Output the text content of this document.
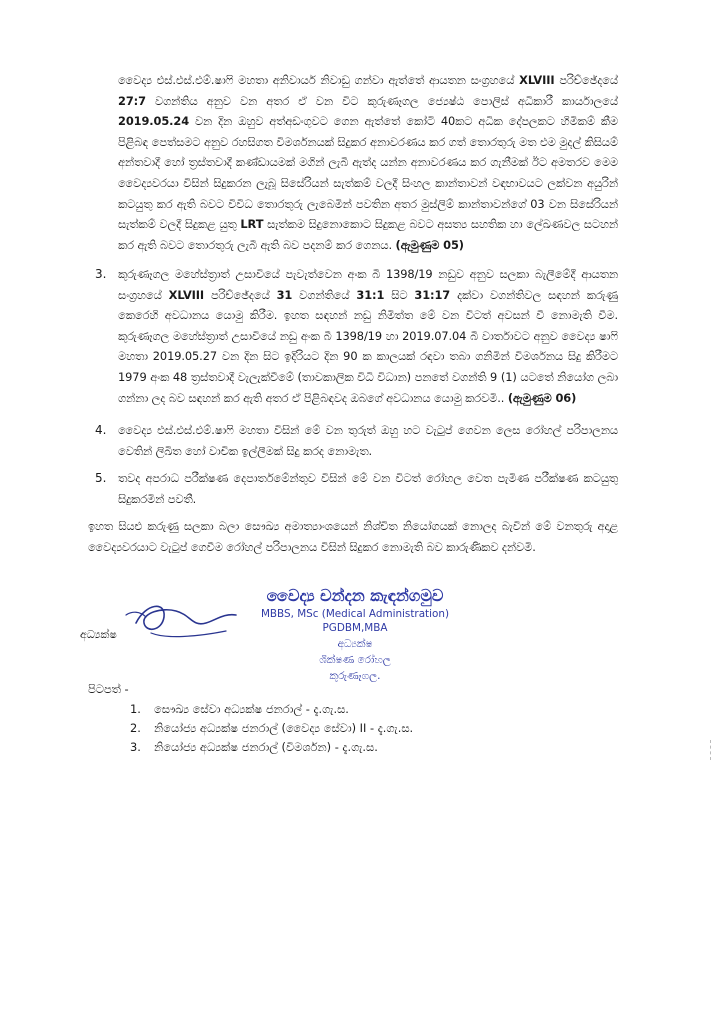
වෛද්‍ය එස්.එස්.එම්.ෂාෆි මහතා අනිවාර්ය නිවාඩු ගන්වා ඇත්තේ ආයතන සංග්‍රහයේ XLVIII පරිච්ඡේදයේ 27:7 වගන්තිය අනුව වන අතර ඒ වන විට කුරුණෑගල ජ්‍යෙෂ්ඨ පොලිස් අධිකාරී කාර්යාලයේ 2019.05.24 වන දින ඔහුව අත්අඩංගුවට ගෙන ඇත්තේ කෝටි 40කට අධික දේපලකට හිමිකම් කීම පිළිබඳ පෙත්සමට අනුව රහසිගත විමර්ශනයක් සිදුකර අනාවරණය කර ගත් තොරතුරු මත එම මුදල් කිසියම් අන්තවාදී හෝ ත්‍රස්තවාදී කණ්ඩායමක් මගින් ලැබී ඇත්ද යන්න අනාවරණය කර ගැනීමක් ඊට අමතරව මෙම වෛද්‍යවරයා විසින් සිදුකරන ලැබූ සිසේරියන් සැත්කම් වලදී සිංහල කාන්තාවන් වඳභාවයට ලක්වන අයුරින් කටයුතු කර ඇති බවට විවිධ තොරතුරු ලැබෙමින් පවතින අතර මුස්ලිම් කාන්තාවන්ගේ 03 වන සිසේරියන් සැත්කම් වලදී සිදුකළ යුතු LRT සැත්කම සිදුනොකොට සිදුකළ බවට අසත්‍ය සහතික හා ලේඛණවල සටහන් කර ඇති බවට තොරතුරු ලැබී ඇති බව පදනම් කර ගෙනය. (ඇමුණුම 05)
3. කුරුණෑගල මහේස්ත්‍රාත් උසාවියේ පැවැත්වෙන අංක බී 1398/19 නඩුව අනුව සලකා බැලීමේදී ආයතන සංග්‍රහයේ XLVIII පරිච්ඡේදයේ 31 වගන්තියේ 31:1 සිට 31:17 දක්වා වගන්තිවල සඳහන් කරුණු කෙරෙහි අවධානය යොමු කිරීම. ඉහත සඳහන් නඩු නිමිත්ත මේ වන විටත් අවසන් වී නොමැති වීම. කුරුණෑගල මහේස්ත්‍රාත් උසාවියේ නඩු අංක බී 1398/19 හා 2019.07.04 බී වාර්තාවට අනුව වෛද්‍ය ෂාෆි මහතා 2019.05.27 වන දින සිට ඉදිරියට දින 90 ක කාලයක් රඳවා තබා ගනිමින් විමර්ශනය සිදු කිරීමට 1979 අංක 48 ත්‍රස්තවාදී වැලැක්වීමේ (තාවකාලික විධි විධාන) පනතේ වගන්ති 9 (1) යටතේ නියෝග ලබා ගන්නා ලද බව සඳහන් කර ඇති අතර ඒ පිළිබඳවද ඔබගේ අවධානය යොමු කරවමි.. (ඇමුණුම 06)
4. වෛද්‍ය එස්.එස්.එම්.ෂාෆි මහතා විසින් මේ වන තුරුත් ඔහු හට වැටුප් ගෙවන ලෙස රෝහල් පරිපාලනය වෙතින් ලිඛිත හෝ වාචික ඉල්ලීමක් සිදු කරද නොමැත.
5. තවද අපරාධ පරීක්ෂණ දෙපාර්තමේන්තුව විසින් මේ වන විටත් රෝහල වෙත පැමිණ පරීක්ෂණ කටයුතු සිදුකරමින් පවතී.
ඉහත සියළු කරුණු සලකා බලා සෞඛ්‍ය අමාත්‍යාංශයෙන් නිශ්චිත නියෝගයක් නොලද බැවින් මේ වනතුරු අදාළ වෛද්‍යවරයාට වැටුප් ගෙවීම රෝහල් පරිපාලනය විසින් සිදුකර නොමැති බව කාරුණිකව දන්වමි.
අධ්‍යක්ෂ
වෛද්‍ය චන්දන කැඳන්ගමුව
MBBS, MSc (Medical Administration) PGDBM,MBA
අධ්‍යක්ෂ
ශික්ෂණ රෝහල
කුරුණෑගල.
පිටපත් -
1. සෞඛ්‍ය සේවා අධ්‍යක්ෂ ජනරාල් - දැ.ගැ.ස.
2. නියෝජ්‍ය අධ්‍යක්ෂ ජනරාල් (වෛද්‍ය සේවා) II - දැ.ගැ.ස.
3. නියෝජ්‍ය අධ්‍යක්ෂ ජනරාල් (විමර්ශන) - දැ.ගැ.ස.
